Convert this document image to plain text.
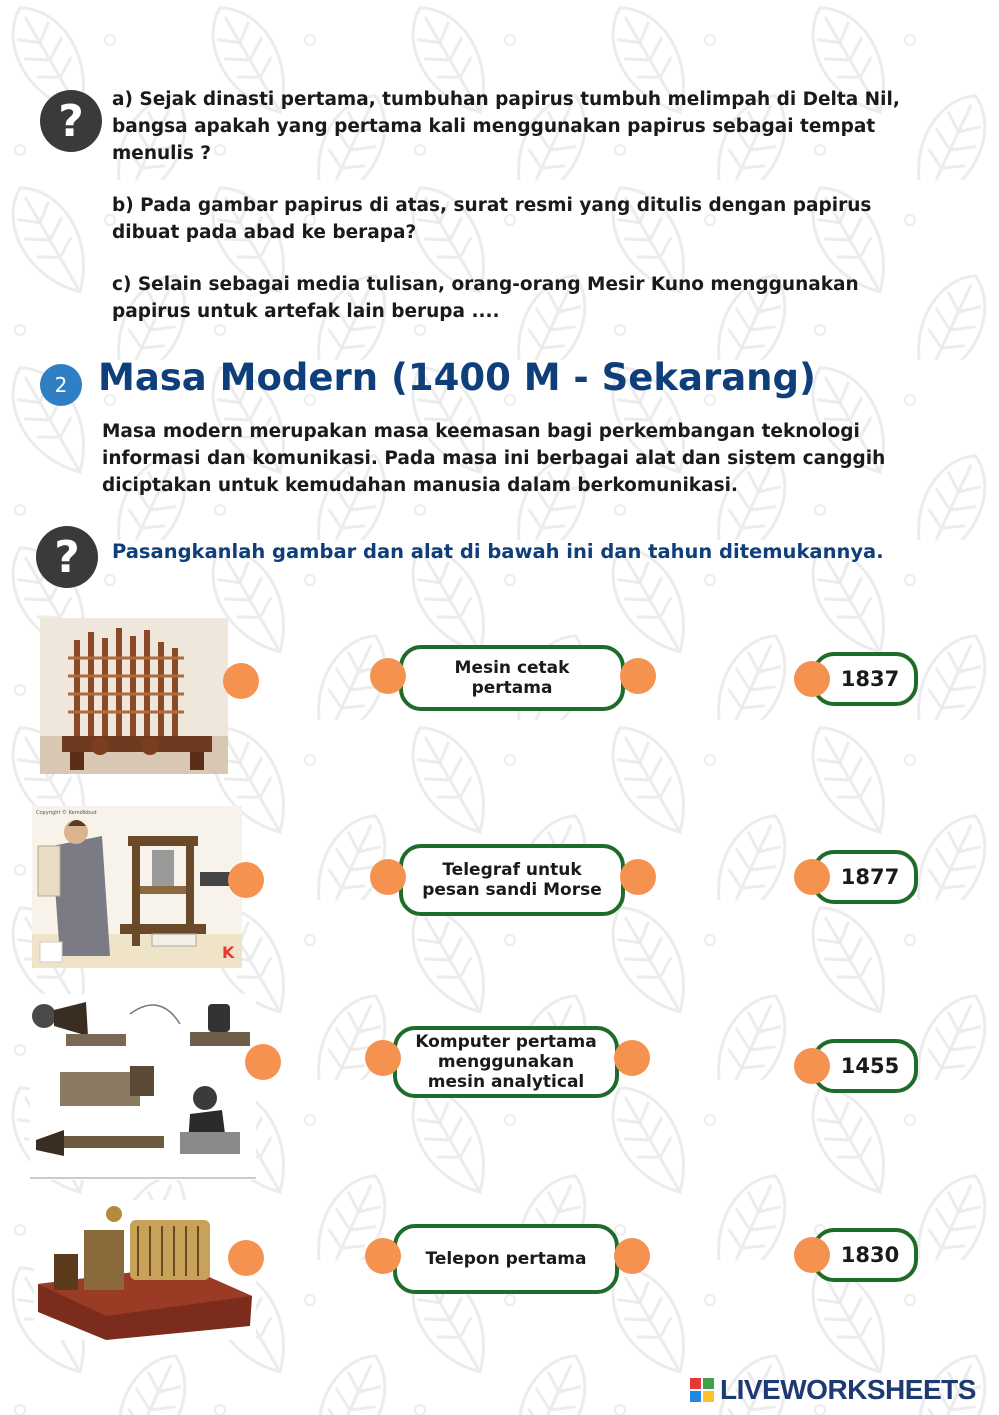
?	a) Sejak dinasti pertama, tumbuhan papirus tumbuh melimpah di Delta Nil, bangsa apakah yang pertama kali menggunakan papirus sebagai tempat menulis ?
b) Pada gambar papirus di atas, surat resmi yang ditulis dengan papirus dibuat pada abad ke berapa?
c) Selain sebagai media tulisan, orang-orang Mesir Kuno menggunakan papirus untuk artefak lain berupa ....
2 Masa Modern (1400 M - Sekarang)
Masa modern merupakan masa keemasan bagi perkembangan teknologi informasi dan komunikasi. Pada masa ini berbagai alat dan sistem canggih diciptakan untuk kemudahan manusia dalam berkomunikasi.
?	Pasangkanlah gambar dan alat di bawah ini dan tahun ditemukannya.
Copyright © Kemdikbud
K
Mesin cetak pertama
Telegraf untuk pesan sandi Morse
Komputer pertama menggunakan mesin analytical
Telepon pertama
1837
1877
1455
1830
LIVEWORKSHEETS
